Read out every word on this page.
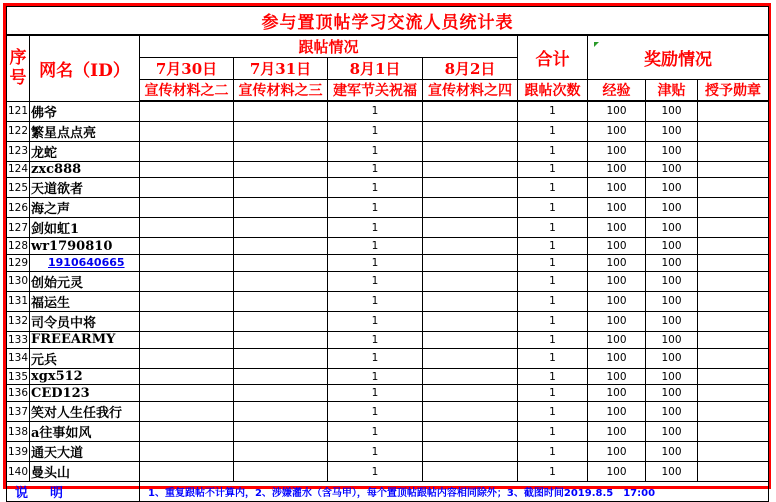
参与置顶帖学习交流人员统计表									
序号	网名（ID）	跟帖情况				合计	奖励情况		
		7月30日	7月31日	8月1日	8月2日				
		宣传材料之二	宣传材料之三	建军节关祝福	宣传材料之四	跟帖次数	经验	津贴	授予勋章
121	佛爷			1		1	100	100	
122	繁星点点亮			1		1	100	100	
123	龙蛇			1		1	100	100	
124	zxc888			1		1	100	100	
125	天道欲者			1		1	100	100	
126	海之声			1		1	100	100	
127	剑如虹1			1		1	100	100	
128	wr1790810			1		1	100	100	
129	1910640665			1		1	100	100	
130	创始元灵			1		1	100	100	
131	福运生			1		1	100	100	
132	司令员中将			1		1	100	100	
133	FREEARMY			1		1	100	100	
134	元兵			1		1	100	100	
135	xgx512			1		1	100	100	
136	CED123			1		1	100	100	
137	笑对人生任我行			1		1	100	100	
138	a往事如风			1		1	100	100	
139	通天大道			1		1	100	100	
140	曼头山			1		1	100	100	
说明		1、重复跟帖不计算内，2、涉嫌灌水（含马甲），每个置顶帖跟帖内容相同除外；3、截图时间2019.8.5　17:00							
